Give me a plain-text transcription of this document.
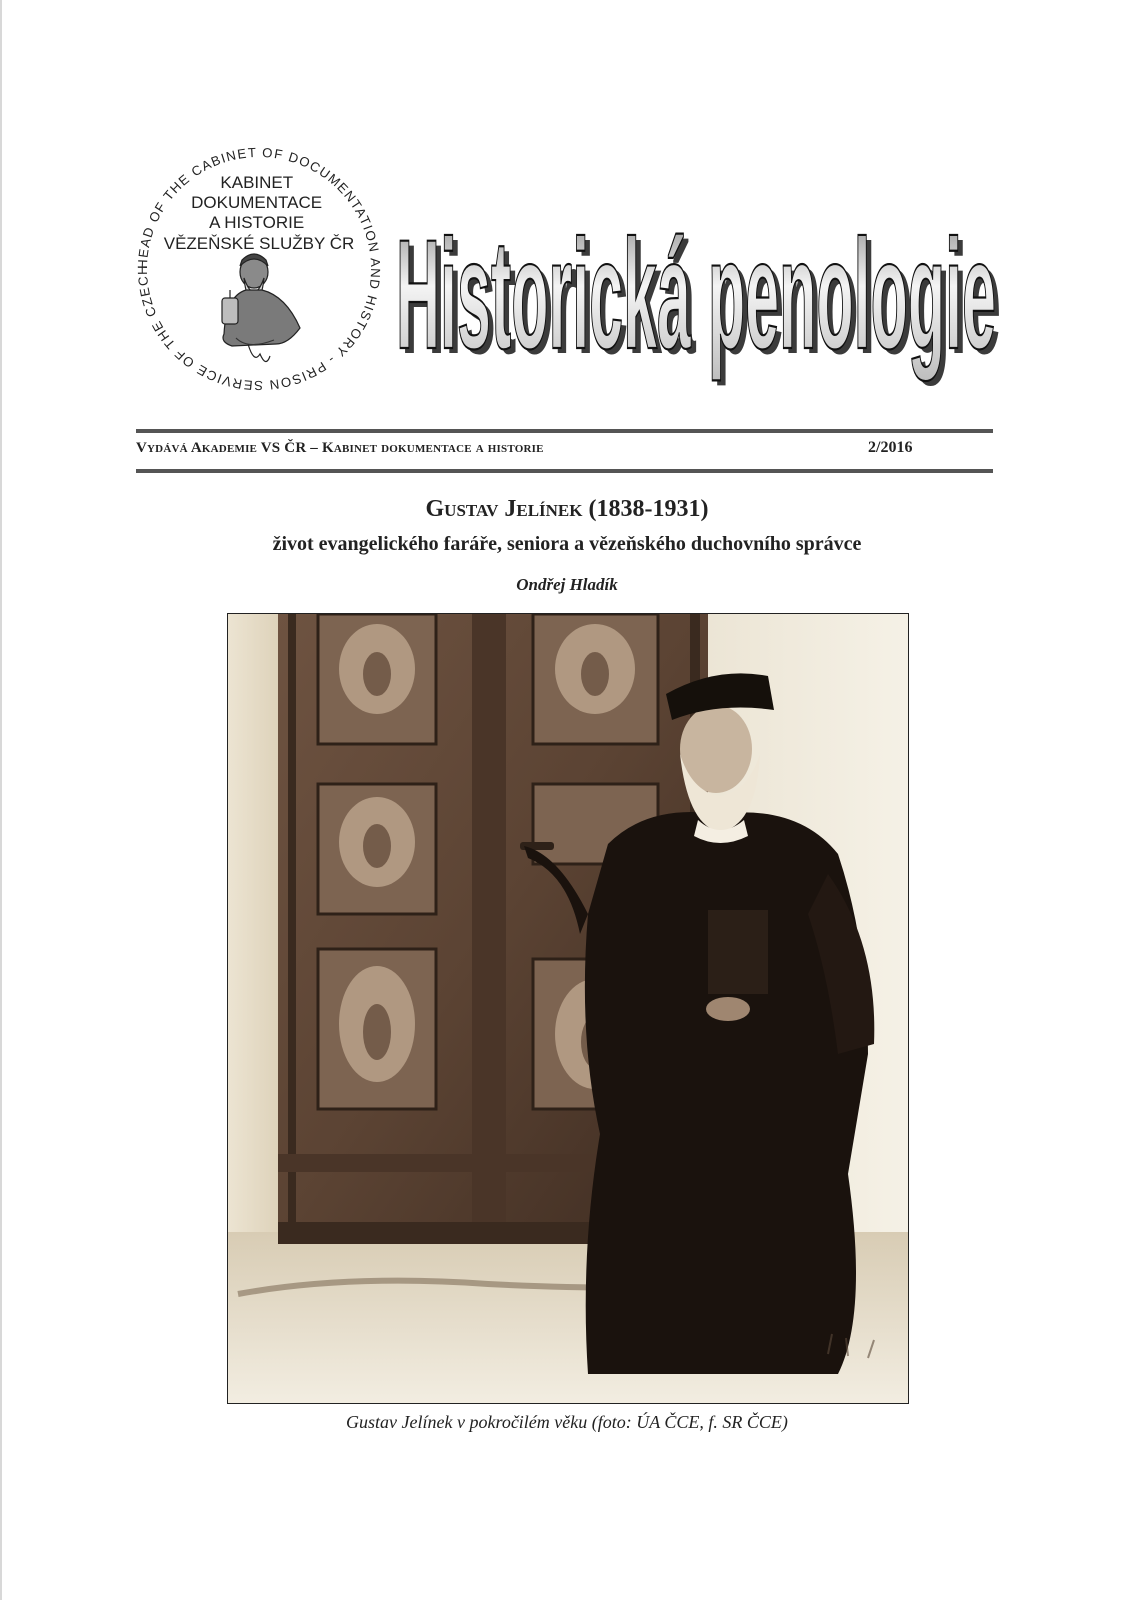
HEAD OF THE CABINET OF DOCUMENTATION AND HISTORY - PRISON SERVICE OF THE CZECH
KABINET DOKUMENTACE A HISTORIE VĚZEŇSKÉ SLUŽBY ČR Historická penologie
Historická penologie
Vydává Akademie VS ČR – Kabinet dokumentace a historie	2/2016
Gustav Jelínek (1838-1931)
život evangelického faráře, seniora a vězeňského duchovního správce
Ondřej Hladík
Gustav Jelínek v pokročilém věku (foto: ÚA ČCE, f. SR ČCE)
